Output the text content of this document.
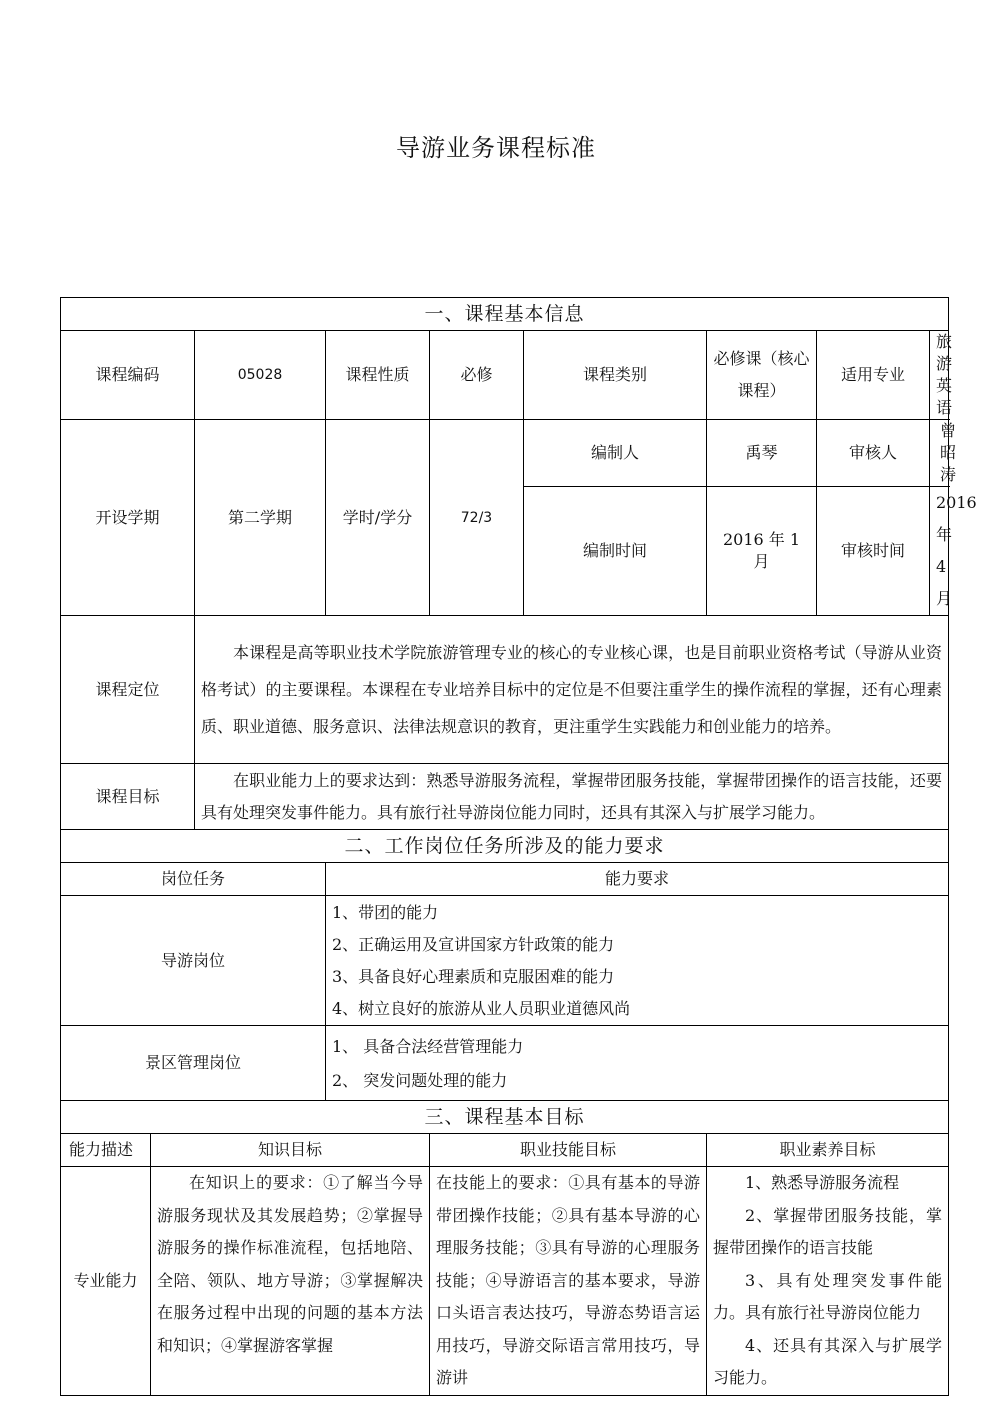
导游业务课程标准
一、课程基本信息								
课程编码		05028	课程性质	必修	课程类别	必修课（核心课程）	适用专业	旅游英语
开设学期		第二学期	学时/学分	72/3	编制人	禹琴	审核人	曾昭涛
					编制时间	2016 年 1 月	审核时间	2016 年 4 月
课程定位		本课程是高等职业技术学院旅游管理专业的核心的专业核心课，也是目前职业资格考试（导游从业资格考试）的主要课程。本课程在专业培养目标中的定位是不但要注重学生的操作流程的掌握，还有心理素质、职业道德、服务意识、法律法规意识的教育，更注重学生实践能力和创业能力的培养。						
课程目标		在职业能力上的要求达到：熟悉导游服务流程，掌握带团服务技能，掌握带团操作的语言技能，还要具有处理突发事件能力。具有旅行社导游岗位能力同时，还具有其深入与扩展学习能力。						
二、工作岗位任务所涉及的能力要求								
岗位任务			能力要求					
导游岗位			1、带团的能力
2、正确运用及宣讲国家方针政策的能力
3、具备良好心理素质和克服困难的能力
4、树立良好的旅游从业人员职业道德风尚					

景区管理岗位			1、 具备合法经营管理能力
2、 突发问题处理的能力					

三、课程基本目标								
能力描述	知识目标			职业技能目标		职业素养目标		
专业能力	在知识上的要求：①了解当今导游服务现状及其发展趋势；②掌握导游服务的操作标准流程，包括地陪、全陪、领队、地方导游；③掌握解决在服务过程中出现的问题的基本方法和知识；④掌握游客掌握			在技能上的要求：①具有基本的导游带团操作技能；②具有基本导游的心理服务技能；③具有导游的心理服务技能；④导游语言的基本要求，导游口头语言表达技巧，导游态势语言运用技巧，导游交际语言常用技巧，导游讲		1、熟悉导游服务流程

2、掌握带团服务技能，掌握带团操作的语言技能

3、具有处理突发事件能力。具有旅行社导游岗位能力

4、还具有其深入与扩展学习能力。		
